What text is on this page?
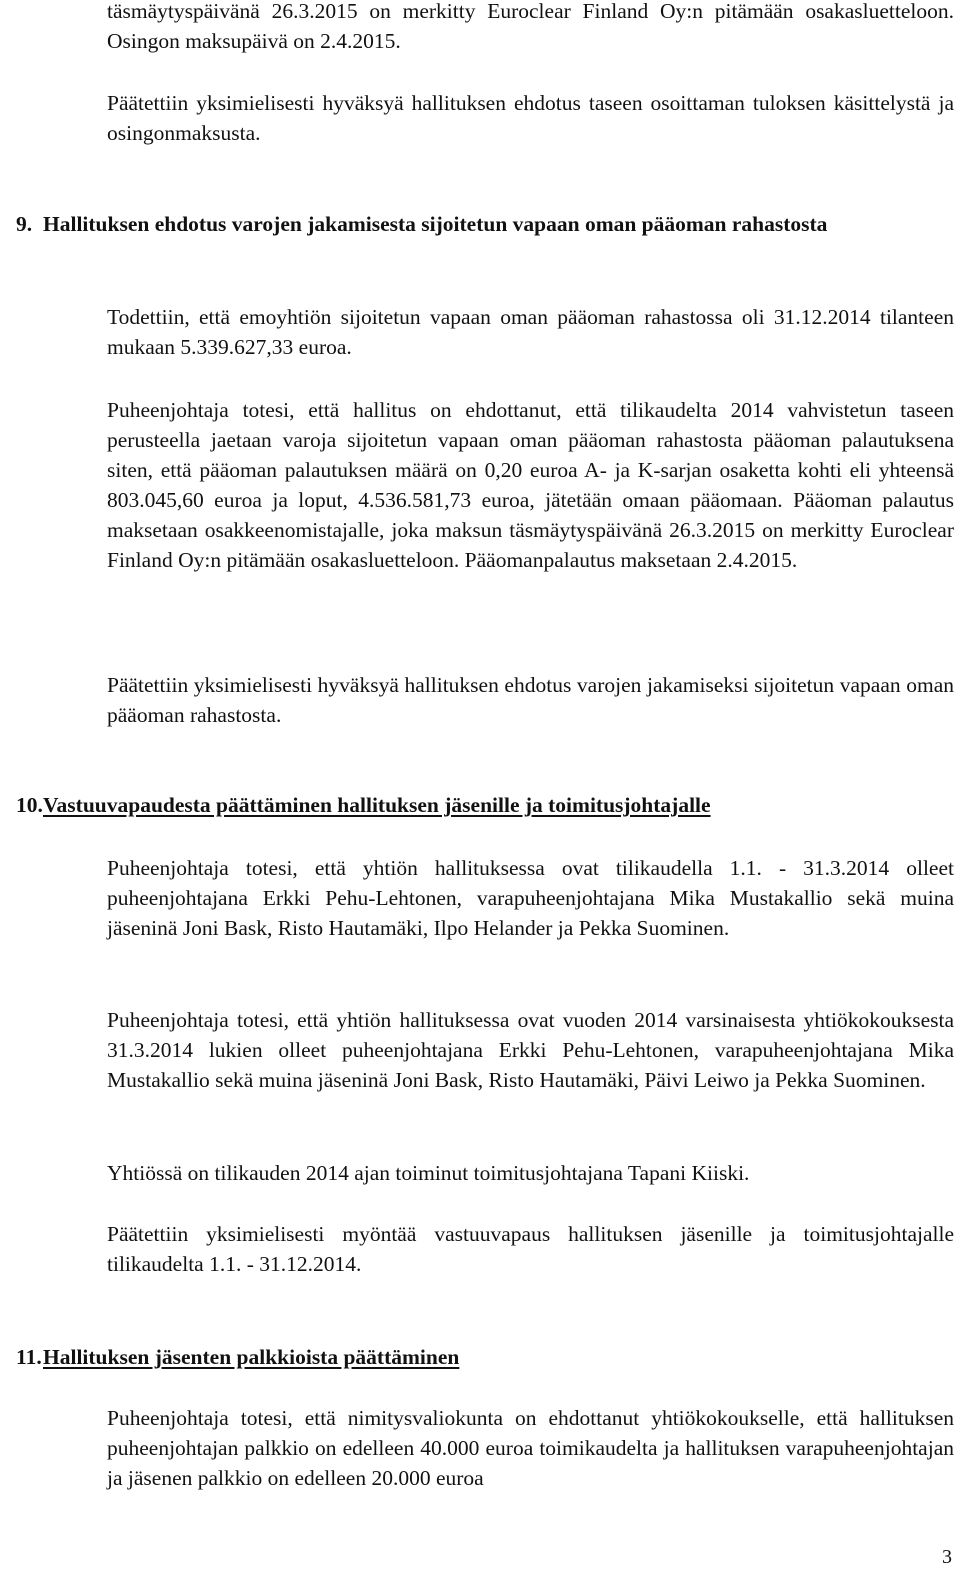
täsmäytyspäivänä 26.3.2015 on merkitty Euroclear Finland Oy:n pitämään osakasluetteloon. Osingon maksupäivä on 2.4.2015.

Päätettiin yksimielisesti hyväksyä hallituksen ehdotus taseen osoittaman tuloksen käsittelystä ja osingonmaksusta.

9. Hallituksen ehdotus varojen jakamisesta sijoitetun vapaan oman pääoman rahastosta

Todettiin, että emoyhtiön sijoitetun vapaan oman pääoman rahastossa oli 31.12.2014 tilanteen mukaan 5.339.627,33 euroa.

Puheenjohtaja totesi, että hallitus on ehdottanut, että tilikaudelta 2014 vahvistetun taseen perusteella jaetaan varoja sijoitetun vapaan oman pääoman rahastosta pääoman palautuksena siten, että pääoman palautuksen määrä on 0,20 euroa A- ja K-sarjan osaketta kohti eli yhteensä 803.045,60 euroa ja loput, 4.536.581,73 euroa, jätetään omaan pääomaan. Pääoman palautus maksetaan osakkeenomistajalle, joka maksun täsmäytyspäivänä 26.3.2015 on merkitty Euroclear Finland Oy:n pitämään osakasluetteloon. Pääomanpalautus maksetaan 2.4.2015.

Päätettiin yksimielisesti hyväksyä hallituksen ehdotus varojen jakamiseksi sijoitetun vapaan oman pääoman rahastosta.

10.Vastuuvapaudesta päättäminen hallituksen jäsenille ja toimitusjohtajalle

Puheenjohtaja totesi, että yhtiön hallituksessa ovat tilikaudella 1.1. - 31.3.2014 olleet puheenjohtajana Erkki Pehu-Lehtonen, varapuheenjohtajana Mika Mustakallio sekä muina jäseninä Joni Bask, Risto Hautamäki, Ilpo Helander ja Pekka Suominen.

Puheenjohtaja totesi, että yhtiön hallituksessa ovat vuoden 2014 varsinaisesta yhtiökokouksesta 31.3.2014 lukien olleet puheenjohtajana Erkki Pehu-Lehtonen, varapuheenjohtajana Mika Mustakallio sekä muina jäseninä Joni Bask, Risto Hautamäki, Päivi Leiwo ja Pekka Suominen.

Yhtiössä on tilikauden 2014 ajan toiminut toimitusjohtajana Tapani Kiiski.

Päätettiin yksimielisesti myöntää vastuuvapaus hallituksen jäsenille ja toimitusjohtajalle tilikaudelta 1.1. - 31.12.2014.

11.Hallituksen jäsenten palkkioista päättäminen

Puheenjohtaja totesi, että nimitysvaliokunta on ehdottanut yhtiökokoukselle, että hallituksen puheenjohtajan palkkio on edelleen 40.000 euroa toimikaudelta ja hallituksen varapuheenjohtajan ja jäsenen palkkio on edelleen 20.000 euroa

3
